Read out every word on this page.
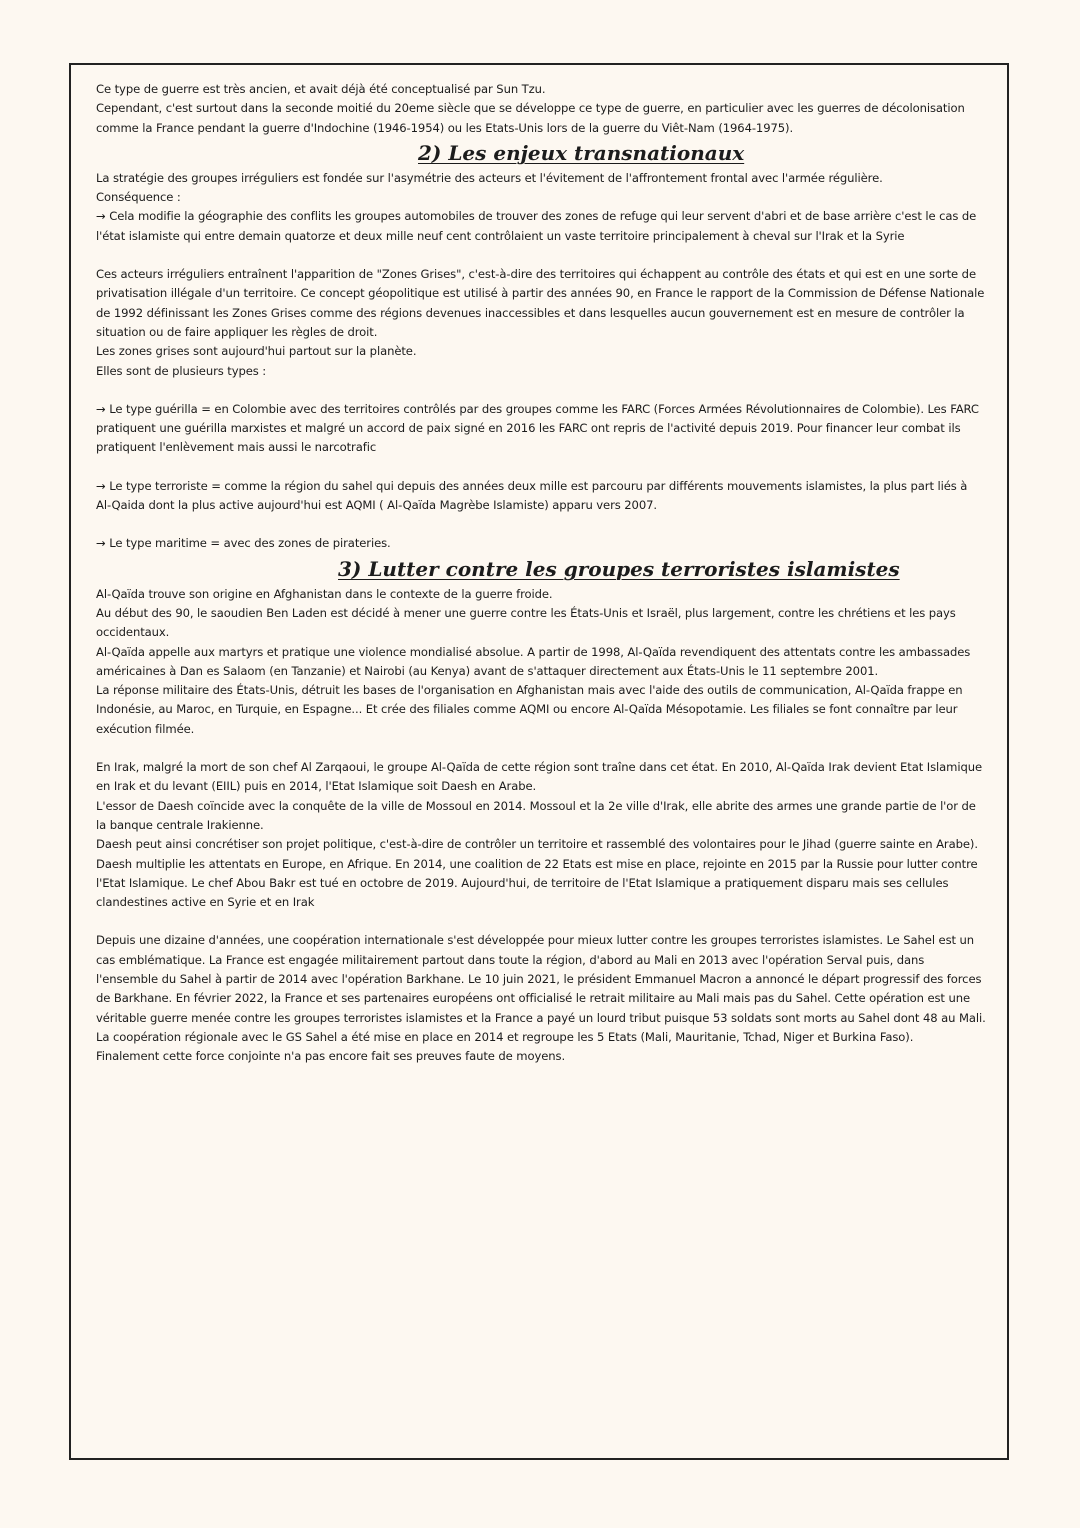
Ce type de guerre est très ancien, et avait déjà été conceptualisé par Sun Tzu.

Cependant, c'est surtout dans la seconde moitié du 20eme siècle que se développe ce type de guerre, en particulier avec les guerres de décolonisation comme la France pendant la guerre d'Indochine (1946-1954) ou les Etats-Unis lors de la guerre du Viêt-Nam (1964-1975).

2) Les enjeux transnationaux

La stratégie des groupes irréguliers est fondée sur l'asymétrie des acteurs et l'évitement de l'affrontement frontal avec l'armée régulière.

Conséquence :

→ Cela modifie la géographie des conflits les groupes automobiles de trouver des zones de refuge qui leur servent d'abri et de base arrière c'est le cas de l'état islamiste qui entre demain quatorze et deux mille neuf cent contrôlaient un vaste territoire principalement à cheval sur l'Irak et la Syrie

Ces acteurs irréguliers entraînent l'apparition de "Zones Grises", c'est-à-dire des territoires qui échappent au contrôle des états et qui est en une sorte de privatisation illégale d'un territoire. Ce concept géopolitique est utilisé à partir des années 90, en France le rapport de la Commission de Défense Nationale de 1992 définissant les Zones Grises comme des régions devenues inaccessibles et dans lesquelles aucun gouvernement est en mesure de contrôler la situation ou de faire appliquer les règles de droit.

Les zones grises sont aujourd'hui partout sur la planète.

Elles sont de plusieurs types :

→ Le type guérilla = en Colombie avec des territoires contrôlés par des groupes comme les FARC (Forces Armées Révolutionnaires de Colombie). Les FARC pratiquent une guérilla marxistes et malgré un accord de paix signé en 2016 les FARC ont repris de l'activité depuis 2019. Pour financer leur combat ils pratiquent l'enlèvement mais aussi le narcotrafic

→ Le type terroriste = comme la région du sahel qui depuis des années deux mille est parcouru par différents mouvements islamistes, la plus part liés à Al-Qaida dont la plus active aujourd'hui est AQMI ( Al-Qaïda Magrèbe Islamiste) apparu vers 2007.

→ Le type maritime = avec des zones de pirateries.

3) Lutter contre les groupes terroristes islamistes

Al-Qaïda trouve son origine en Afghanistan dans le contexte de la guerre froide.

Au début des 90, le saoudien Ben Laden est décidé à mener une guerre contre les États-Unis et Israël, plus largement, contre les chrétiens et les pays occidentaux.

Al-Qaïda appelle aux martyrs et pratique une violence mondialisé absolue. A partir de 1998, Al-Qaïda revendiquent des attentats contre les ambassades américaines à Dan es Salaom (en Tanzanie) et Nairobi (au Kenya) avant de s'attaquer directement aux États-Unis le 11 septembre 2001.

La réponse militaire des États-Unis, détruit les bases de l'organisation en Afghanistan mais avec l'aide des outils de communication, Al-Qaïda frappe en Indonésie, au Maroc, en Turquie, en Espagne... Et crée des filiales comme AQMI ou encore Al-Qaïda Mésopotamie. Les filiales se font connaître par leur exécution filmée.

En Irak, malgré la mort de son chef Al Zarqaoui, le groupe Al-Qaïda de cette région sont traîne dans cet état. En 2010, Al-Qaïda Irak devient Etat Islamique en Irak et du levant (EIIL) puis en 2014, l'Etat Islamique soit Daesh en Arabe.

L'essor de Daesh coïncide avec la conquête de la ville de Mossoul en 2014. Mossoul et la 2e ville d'Irak, elle abrite des armes une grande partie de l'or de la banque centrale Irakienne.

Daesh peut ainsi concrétiser son projet politique, c'est-à-dire de contrôler un territoire et rassemblé des volontaires pour le Jihad (guerre sainte en Arabe). Daesh multiplie les attentats en Europe, en Afrique. En 2014, une coalition de 22 Etats est mise en place, rejointe en 2015 par la Russie pour lutter contre l'Etat Islamique. Le chef Abou Bakr est tué en octobre de 2019. Aujourd'hui, de territoire de l'Etat Islamique a pratiquement disparu mais ses cellules clandestines active en Syrie et en Irak

Depuis une dizaine d'années, une coopération internationale s'est développée pour mieux lutter contre les groupes terroristes islamistes. Le Sahel est un cas emblématique. La France est engagée militairement partout dans toute la région, d'abord au Mali en 2013 avec l'opération Serval puis, dans l'ensemble du Sahel à partir de 2014 avec l'opération Barkhane. Le 10 juin 2021, le président Emmanuel Macron a annoncé le départ progressif des forces de Barkhane. En février 2022, la France et ses partenaires européens ont officialisé le retrait militaire au Mali mais pas du Sahel. Cette opération est une véritable guerre menée contre les groupes terroristes islamistes et la France a payé un lourd tribut puisque 53 soldats sont morts au Sahel dont 48 au Mali. La coopération régionale avec le GS Sahel a été mise en place en 2014 et regroupe les 5 Etats (Mali, Mauritanie, Tchad, Niger et Burkina Faso).

Finalement cette force conjointe n'a pas encore fait ses preuves faute de moyens.
